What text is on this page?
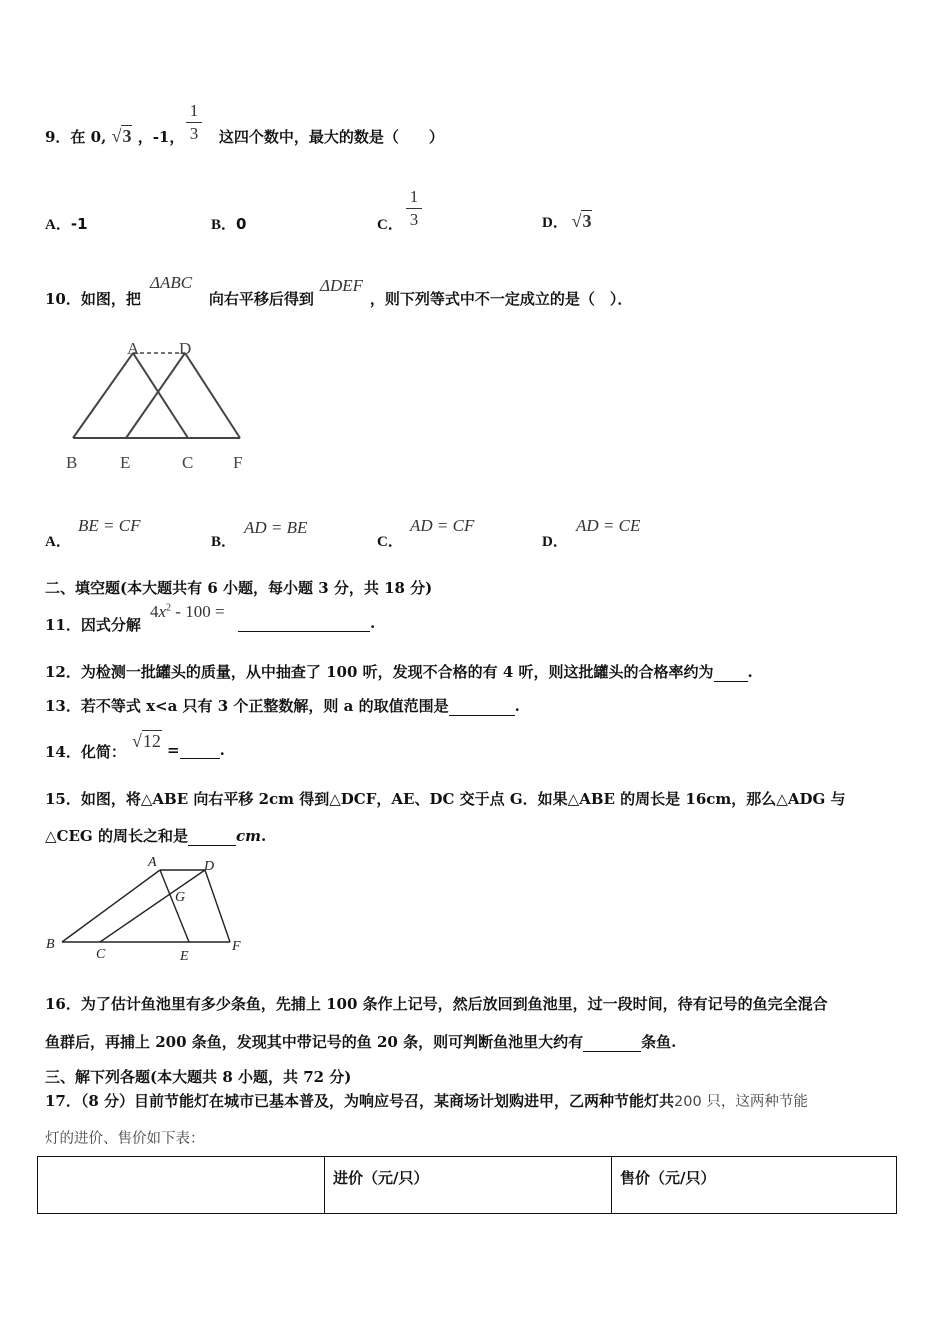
9．在 0, √3 ，-1， 这四个数中，最大的数是（　　）
1
3
A．-1	B．0	C．
1
3	D． √3
10．如图，把	向右平移后得到	，则下列等式中不一定成立的是（　）．
ΔABC	ΔDEF
A D
B	E	C F
A．
BE = CF
B．
AD = BE
C．
AD = CF
D．
AD = CE
二、填空题(本大题共有 6 小题，每小题 3 分，共 18 分)
11．因式分解
$4x^2 - 100$ =
.
12．为检测一批罐头的质量，从中抽查了 100 听，发现不合格的有 4 听，则这批罐头的合格率约为 .
13．若不等式 x<a 只有 3 个正整数解，则 a 的取值范围是	.
14．化简：
√12 =	.
15．如图，将△ABE 向右平移 2cm 得到△DCF，AE、DC 交于点 G．如果△ABE 的周长是 16cm，那么△ADG 与
△CEG 的周长之和是	cm.
A	D
G
B
C	E
F
16．为了估计鱼池里有多少条鱼，先捕上 100 条作上记号，然后放回到鱼池里，过一段时间，待有记号的鱼完全混合
鱼群后，再捕上 200 条鱼，发现其中带记号的鱼 20 条，则可判断鱼池里大约有	条鱼.
三、解下列各题(本大题共 8 小题，共 72 分)
17．（8 分）目前节能灯在城市已基本普及，为响应号召，某商场计划购进甲，乙两种节能灯共200 只，这两种节能
灯的进价、售价如下表：
	进价（元/只）	售价（元/只）
